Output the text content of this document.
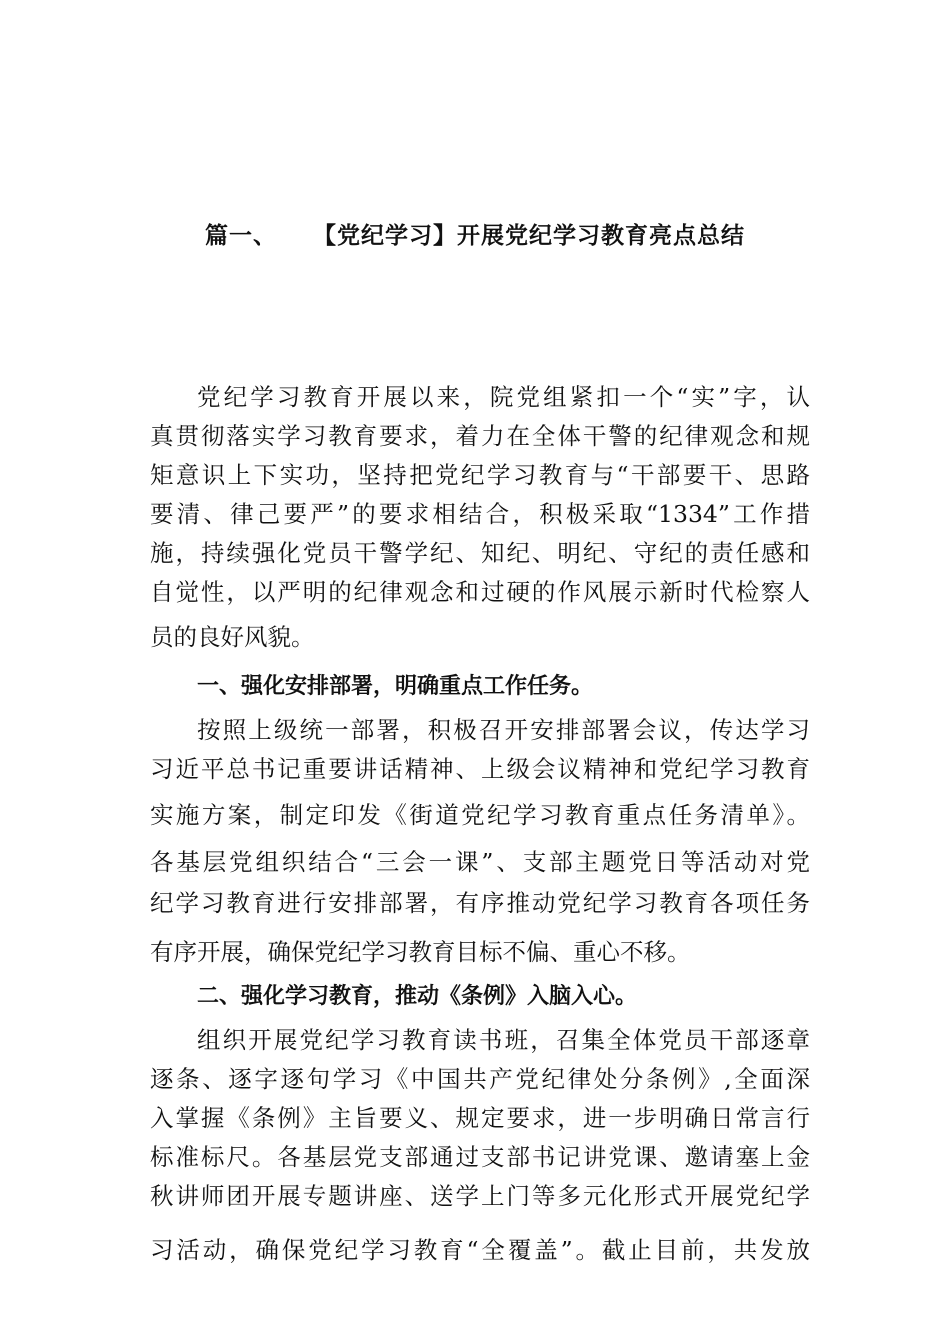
篇一、    【党纪学习】开展党纪学习教育亮点总结
党纪学习教育开展以来，院党组紧扣一个“实”字，认
真贯彻落实学习教育要求，着力在全体干警的纪律观念和规
矩意识上下实功，坚持把党纪学习教育与“干部要干、思路
要清、律己要严”的要求相结合，积极采取“1334”工作措
施，持续强化党员干警学纪、知纪、明纪、守纪的责任感和
自觉性，以严明的纪律观念和过硬的作风展示新时代检察人
员的良好风貌。
一、强化安排部署，明确重点工作任务。
按照上级统一部署，积极召开安排部署会议，传达学习
习近平总书记重要讲话精神、上级会议精神和党纪学习教育
实施方案，制定印发《街道党纪学习教育重点任务清单》。
各基层党组织结合“三会一课”、支部主题党日等活动对党
纪学习教育进行安排部署，有序推动党纪学习教育各项任务
有序开展，确保党纪学习教育目标不偏、重心不移。
二、强化学习教育，推动《条例》入脑入心。
组织开展党纪学习教育读书班，召集全体党员干部逐章
逐条、逐字逐句学习《中国共产党纪律处分条例》,全面深
入掌握《条例》主旨要义、规定要求，进一步明确日常言行
标准标尺。各基层党支部通过支部书记讲党课、邀请塞上金
秋讲师团开展专题讲座、送学上门等多元化形式开展党纪学
习活动，确保党纪学习教育“全覆盖”。截止目前，共发放
